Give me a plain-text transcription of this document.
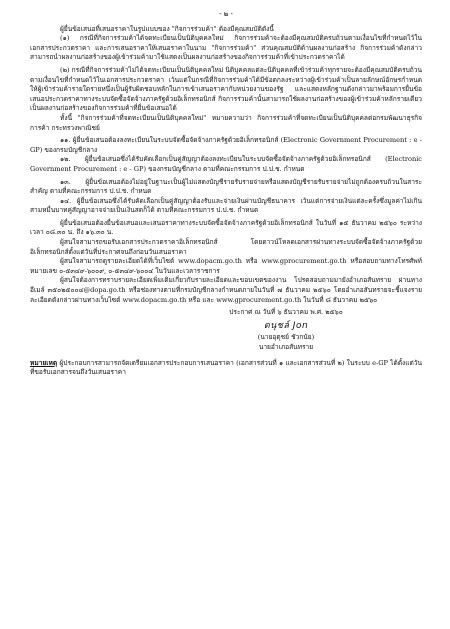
- ๒ -

ผู้ยื่นข้อเสนอที่เสนอราคาในรูปแบบของ "กิจการร่วมค้า" ต้องมีคุณสมบัติดังนี้

(๑) กรณีที่กิจการร่วมค้าได้จดทะเบียนเป็นนิติบุคคลใหม่ กิจการร่วมค้าจะต้องมีคุณสมบัติครบถ้วนตามเงื่อนไขที่กำหนดไว้ในเอกสารประกวดราคา และการเสนอราคาให้เสนอราคาในนาม "กิจการร่วมค้า" ส่วนคุณสมบัติด้านผลงานก่อสร้าง กิจการร่วมค้าดังกล่าวสามารถนำผลงานก่อสร้างของผู้เข้าร่วมค้ามาใช้แสดงเป็นผลงานก่อสร้างของกิจการร่วมค้าที่เข้าประกวดราคาได้

(๒) กรณีที่กิจการร่วมค้าไม่ได้จดทะเบียนเป็นนิติบุคคลใหม่ นิติบุคคลแต่ละนิติบุคคลที่เข้าร่วมค้าทุกรายจะต้องมีคุณสมบัติครบถ้วนตามเงื่อนไขที่กำหนดไว้ในเอกสารประกวดราคา เว้นแต่ในกรณีที่กิจการร่วมค้าได้มีข้อตกลงระหว่างผู้เข้าร่วมค้าเป็นลายลักษณ์อักษรกำหนดให้ผู้เข้าร่วมค้ารายใดรายหนึ่งเป็นผู้รับผิดชอบหลักในการเข้าเสนอราคากับหน่วยงานของรัฐ และแสดงหลักฐานดังกล่าวมาพร้อมการยื่นข้อเสนอประกวดราคาทางระบบจัดซื้อจัดจ้างภาครัฐด้วยอิเล็กทรอนิกส์ กิจการร่วมค้านั้นสามารถใช้ผลงานก่อสร้างของผู้เข้าร่วมค้าหลักรายเดียวเป็นผลงานก่อสร้างของกิจการร่วมค้าที่ยื่นข้อเสนอได้

ทั้งนี้ "กิจการร่วมค้าที่จดทะเบียนเป็นนิติบุคคลใหม่" หมายความว่า กิจการร่วมค้าที่จดทะเบียนเป็นนิติบุคคลต่อกรมพัฒนาธุรกิจการค้า กระทรวงพาณิชย์

๑๑. ผู้ยื่นข้อเสนอต้องลงทะเบียนในระบบจัดซื้อจัดจ้างภาครัฐด้วยอิเล็กทรอนิกส์ (Electronic Government Procurement : e - GP) ของกรมบัญชีกลาง

๑๒. ผู้ยื่นข้อเสนอซึ่งได้รับคัดเลือกเป็นคู่สัญญาต้องลงทะเบียนในระบบจัดซื้อจัดจ้างภาครัฐด้วยอิเล็กทรอนิกส์ (Electronic Government Procurement : e - GP) ของกรมบัญชีกลาง ตามที่คณะกรรมการ ป.ป.ช. กำหนด

๑๓. ผู้ยื่นข้อเสนอต้องไม่อยู่ในฐานะเป็นผู้ไม่แสดงบัญชีรายรับรายจ่ายหรือแสดงบัญชีรายรับรายจ่ายไม่ถูกต้องครบถ้วนในสาระสำคัญ ตามที่คณะกรรมการ ป.ป.ช. กำหนด

๑๔. ผู้ยื่นข้อเสนอซึ่งได้รับคัดเลือกเป็นคู่สัญญาต้องรับและจ่ายเงินผ่านบัญชีธนาคาร เว้นแต่การจ่ายเงินแต่ละครั้งซึ่งมูลค่าไม่เกินสามหมื่นบาทคู่สัญญาอาจจ่ายเป็นเงินสดก็ได้ ตามที่คณะกรรมการ ป.ป.ช. กำหนด

ผู้ยื่นข้อเสนอต้องยื่นข้อเสนอและเสนอราคาทางระบบจัดซื้อจัดจ้างภาครัฐด้วยอิเล็กทรอนิกส์ ในวันที่ ๑๕ ธันวาคม ๒๕๖๐ ระหว่างเวลา ๐๘.๓๐ น. ถึง ๑๖.๓๐ น.

ผู้สนใจสามารถขอรับเอกสารประกวดราคาอิเล็กทรอนิกส์ โดยดาวน์โหลดเอกสารผ่านทางระบบจัดซื้อจัดจ้างภาครัฐด้วยอิเล็กทรอนิกส์ตั้งแต่วันที่ประกาศจนถึงก่อนวันเสนอราคา

ผู้สนใจสามารถดูรายละเอียดได้ที่เว็บไซต์ www.dopacm.go.th หรือ www.gprocurement.go.th หรือสอบถามทางโทรศัพท์หมายเลข ๐-๕๓๔๙-๖๐๐๙, ๐-๕๓๔๙-๖๐๐๔ ในวันและเวลาราชการ

ผู้สนใจต้องการทราบรายละเอียดเพิ่มเติมเกี่ยวกับรายละเอียดและขอบเขตของงาน โปรดสอบถามมายังอำเภอสันทราย ผ่านทางอีเมล์ ๓๕๐๒๕๐๐๔@dopa.go.th หรือช่องทางตามที่กรมบัญชีกลางกำหนดภายในวันที่ ๗ ธันวาคม ๒๕๖๐ โดยอำเภอสันทรายจะชี้แจงรายละเอียดดังกล่าวผ่านทางเว็บไซต์ www.dopacm.go.th หรือ และ www.gprocurement.go.th ในวันที่ ๘ ธันวาคม ๒๕๖๐

ประกาศ ณ วันที่ ๖ ธันวาคม พ.ศ. ๒๕๖๐
ดนุชล์ Jon
(นายอุดุชย์ ชัวกนัย)
นายอำเภอสันทราย

หมายเหตุ ผู้ประกอบการสามารถจัดเตรียมเอกสารประกอบการเสนอราคา (เอกสารส่วนที่ ๑ และเอกสารส่วนที่ ๒) ในระบบ e-GP ได้ตั้งแต่วันที่ขอรับเอกสารจนถึงวันเสนอราคา
